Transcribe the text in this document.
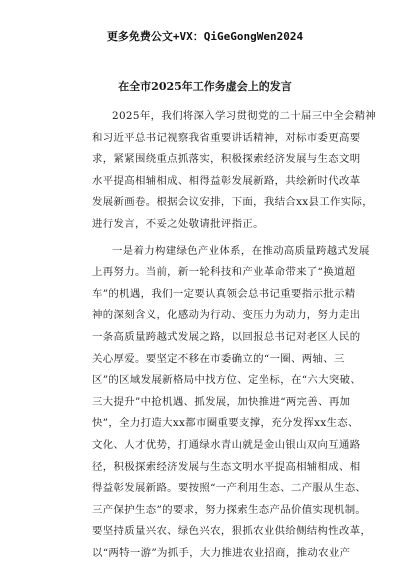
更多免费公文+VX：QiGeGongWen2024
在全市2025年工作务虚会上的发言
2025年，我们将深入学习贯彻党的二十届三中全会精神
和习近平总书记视察我省重要讲话精神，对标市委更高要
求，紧紧围绕重点抓落实，积极探索经济发展与生态文明
水平提高相辅相成、相得益彰发展新路，共绘新时代改革
发展新画卷。根据会议安排，下面，我结合xx县工作实际，
进行发言，不妥之处敬请批评指正。
一是着力构建绿色产业体系，在推动高质量跨越式发展
上再努力。当前，新一轮科技和产业革命带来了“换道超
车”的机遇，我们一定要认真领会总书记重要指示批示精
神的深刻含义，化感动为行动、变压力为动力，努力走出
一条高质量跨越式发展之路，以回报总书记对老区人民的
关心厚爱。要坚定不移在市委确立的“一圈、两轴、三
区”的区域发展新格局中找方位、定坐标，在“六大突破、
三大提升”中抢机遇、抓发展，加快推进“两完善、再加
快”，全力打造大xx都市圈重要支撑，充分发挥xx生态、
文化、人才优势，打通绿水青山就是金山银山双向互通路
径，积极探索经济发展与生态文明水平提高相辅相成、相
得益彰发展新路。要按照“一产利用生态、二产服从生态、
三产保护生态”的要求，努力探索生态产品价值实现机制。
要坚持质量兴农、绿色兴农，狠抓农业供给侧结构性改革，
以“两特一游”为抓手，大力推进农业招商，推动农业产
